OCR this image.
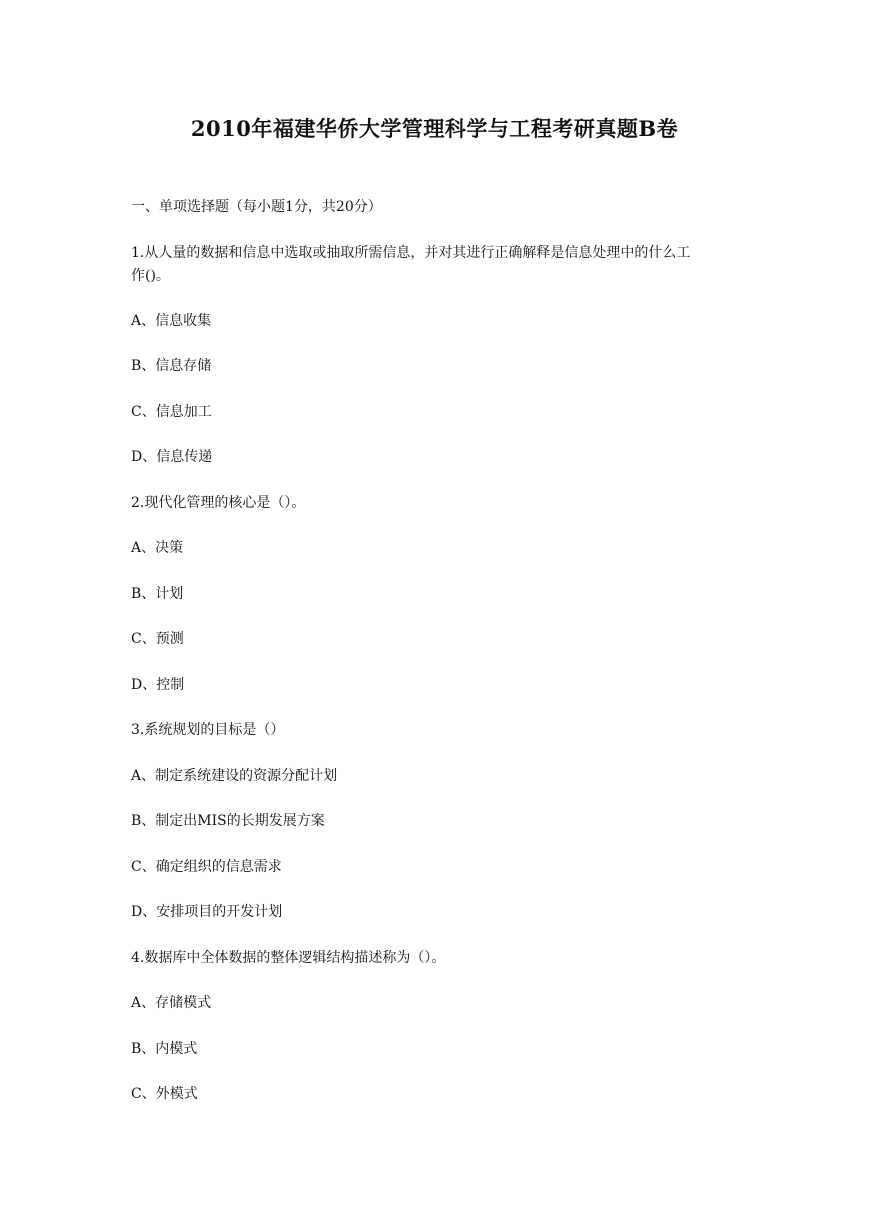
2010年福建华侨大学管理科学与工程考研真题B卷
一、单项选择题（每小题1分，共20分）
1.从人量的数据和信息中选取或抽取所需信息，并对其进行正确解释是信息处理中的什么工
作()。
A、信息收集
B、信息存储
C、信息加工
D、信息传递
2.现代化管理的核心是（）。
A、决策
B、计划
C、预测
D、控制
3.系统规划的目标是（）
A、制定系统建设的资源分配计划
B、制定出MIS的长期发展方案
C、确定组织的信息需求
D、安排项目的开发计划
4.数据库中全体数据的整体逻辑结构描述称为（）。
A、存储模式
B、内模式
C、外模式
